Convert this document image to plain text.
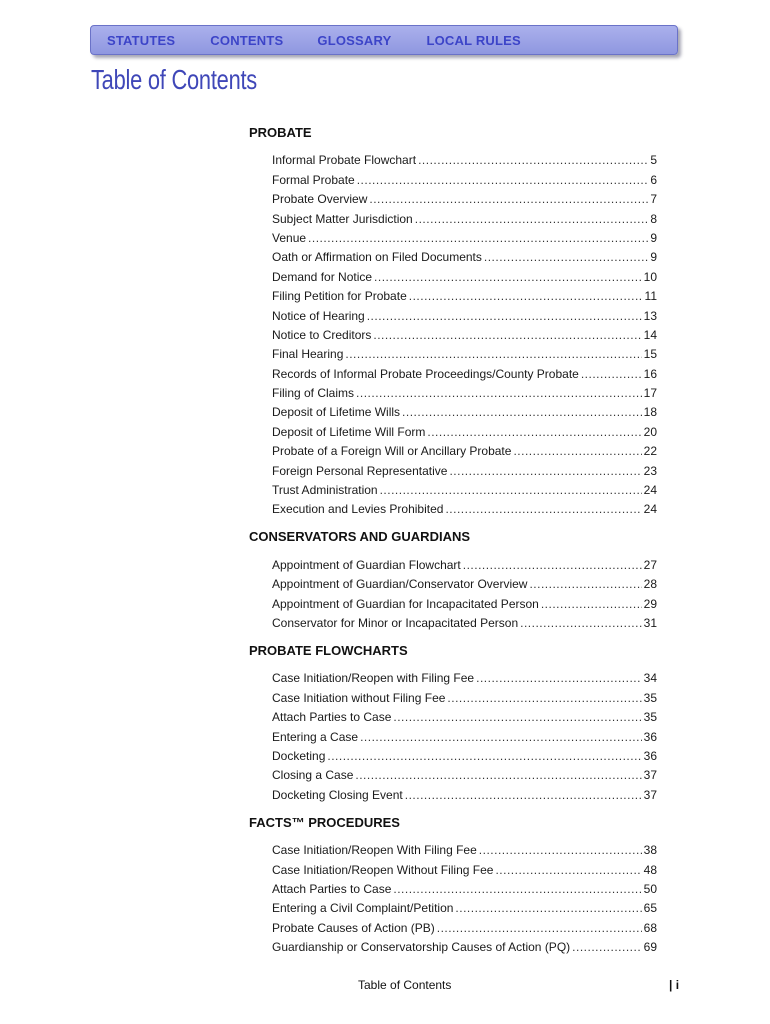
STATUTES	CONTENTS	GLOSSARY	LOCAL RULES
Table of Contents
PROBATE
Informal Probate Flowchart .....	5
Formal Probate .....	6
Probate Overview .....	7
Subject Matter Jurisdiction .....	8
Venue .....	9
Oath or Affirmation on Filed Documents .....	9
Demand for Notice .....	10
Filing Petition for Probate .....	11
Notice of Hearing .....	13
Notice to Creditors .....	14
Final Hearing .....	15
Records of Informal Probate Proceedings/County Probate .....	16
Filing of Claims .....	17
Deposit of Lifetime Wills .....	18
Deposit of Lifetime Will Form .....	20
Probate of a Foreign Will or Ancillary Probate .....	22
Foreign Personal Representative .....	23
Trust Administration .....	24
Execution and Levies Prohibited .....	24
CONSERVATORS AND GUARDIANS
Appointment of Guardian Flowchart .....	27
Appointment of Guardian/Conservator Overview .....	28
Appointment of Guardian for Incapacitated Person .....	29
Conservator for Minor or Incapacitated Person .....	31
PROBATE FLOWCHARTS
Case Initiation/Reopen with Filing Fee .....	34
Case Initiation without Filing Fee .....	35
Attach Parties to Case .....	35
Entering a Case .....	36
Docketing .....	36
Closing a Case .....	37
Docketing Closing Event .....	37
FACTS™ PROCEDURES
Case Initiation/Reopen With Filing Fee .....	38
Case Initiation/Reopen Without Filing Fee .....	48
Attach Parties to Case .....	50
Entering a Civil Complaint/Petition .....	65
Probate Causes of Action (PB) .....	68
Guardianship or Conservatorship Causes of Action (PQ) .....	69
Table of Contents	| i
